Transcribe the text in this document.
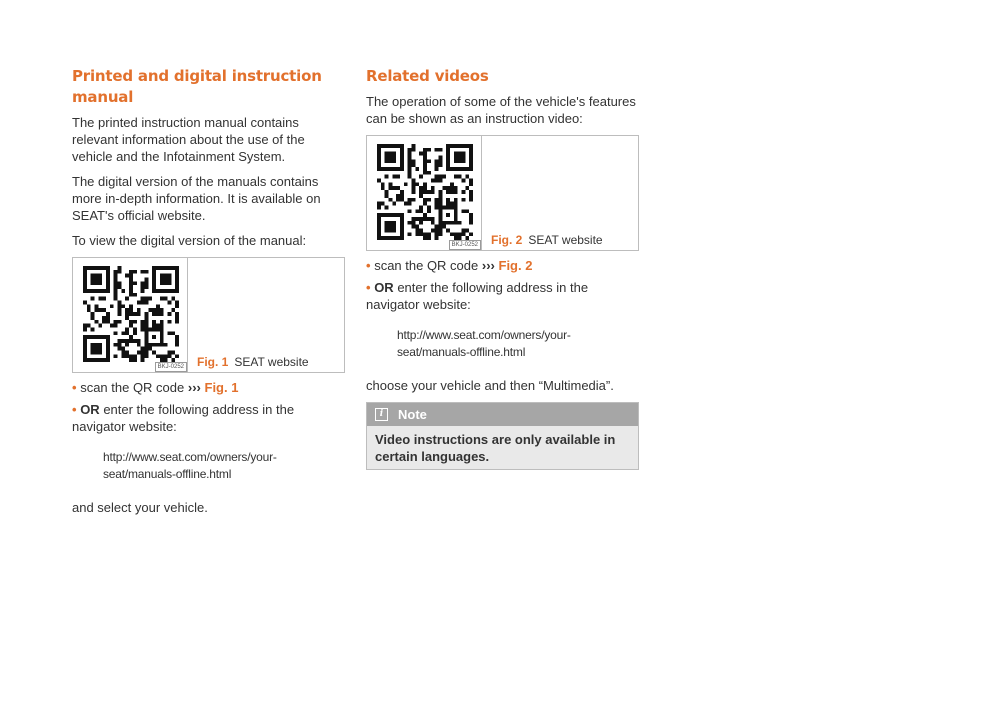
Printed and digital instruction manual

The printed instruction manual contains relevant information about the use of the vehicle and the Infotainment System.

The digital version of the manuals contains more in-depth information. It is available on SEAT's official website.

To view the digital version of the manual:

BKJ-0252 Fig. 1 SEAT website
• scan the QR code ››› Fig. 1
• OR enter the following address in the navigator website:
http://www.seat.com/owners/your-
seat/manuals-offline.html

and select your vehicle.

Related videos

The operation of some of the vehicle's features can be shown as an instruction video:

BKJ-0252 Fig. 2 SEAT website
• scan the QR code ››› Fig. 2
• OR enter the following address in the navigator website:
http://www.seat.com/owners/your-
seat/manuals-offline.html

choose your vehicle and then “Multimedia”.

i	Note
Video instructions are only available in certain languages.
